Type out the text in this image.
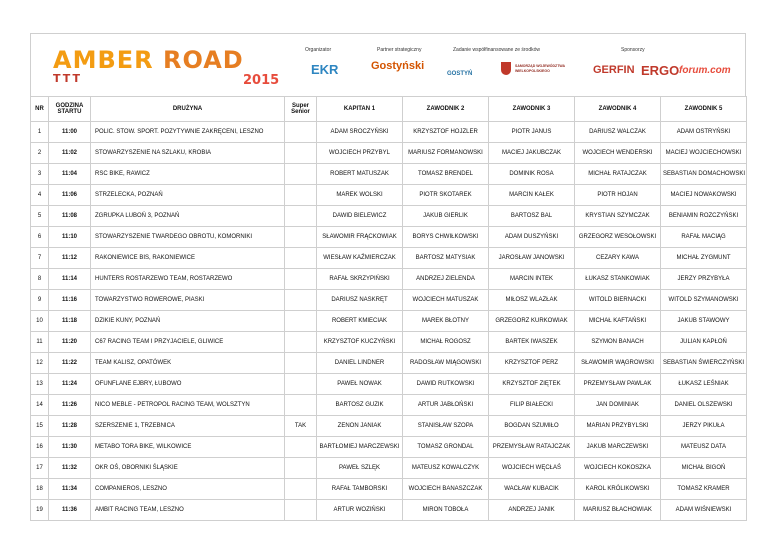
AMBER ROAD
TTT	2015
Organizator
EKR
Partner strategiczny
Gostyński
Zadanie współfinansowane ze środków
GOSTYŃ
SAMORZĄD WOJEWÓDZTWA WIELKOPOLSKIEGO
Sponsorzy
GERFIN ERGO forum.com
NR	GODZINA STARTU	DRUŻYNA	Super Senior	KAPITAN 1	ZAWODNIK 2	ZAWODNIK 3	ZAWODNIK 4	ZAWODNIK 5
1	11:00	POLIC. STOW. SPORT. POZYTYWNIE ZAKRĘCENI, LESZNO		ADAM SROCZYŃSKI	KRZYSZTOF HOJZLER	PIOTR JANUS	DARIUSZ WALCZAK	ADAM OSTRYŃSKI
2	11:02	STOWARZYSZENIE NA SZLAKU, KROBIA		WOJCIECH PRZYBYL	MARIUSZ FORMANOWSKI	MACIEJ JAKUBCZAK	WOJCIECH WENDERSKI	MACIEJ WOJCIECHOWSKI
3	11:04	RSC BIKE, RAWICZ		ROBERT MATUSZAK	TOMASZ BRENDEL	DOMINIK ROSA	MICHAŁ RATAJCZAK	SEBASTIAN DOMACHOWSKI
4	11:06	STRZELECKA, POZNAŃ		MAREK WOLSKI	PIOTR SKOTAREK	MARCIN KAŁEK	PIOTR HOJAN	MACIEJ NOWAKOWSKI
5	11:08	ZGRUPKA LUBOŃ 3, POZNAŃ		DAWID BIELEWICZ	JAKUB GIERLIK	BARTOSZ BAL	KRYSTIAN SZYMCZAK	BENIAMIN ROZCZYŃSKI
6	11:10	STOWARZYSZENIE TWARDEGO OBROTU, KOMORNIKI		SŁAWOMIR FRĄCKOWIAK	BORYS CHWIŁKOWSKI	ADAM DUSZYŃSKI	GRZEGORZ WESOŁOWSKI	RAFAŁ MACIĄG
7	11:12	RAKONIEWICE BIS, RAKONIEWICE		WIESŁAW KAŹMIERCZAK	BARTOSZ MATYSIAK	JAROSŁAW JANOWSKI	CEZARY KAWA	MICHAŁ ZYGMUNT
8	11:14	HUNTERS ROSTARZEWO TEAM, ROSTARZEWO		RAFAŁ SKRZYPIŃSKI	ANDRZEJ ZIELENDA	MARCIN INTEK	ŁUKASZ STANKOWIAK	JERZY PRZYBYŁA
9	11:16	TOWARZYSTWO ROWEROWE, PIASKI		DARIUSZ NASKRĘT	WOJCIECH MATUSZAK	MIŁOSZ WLAZŁAK	WITOLD BIERNACKI	WITOLD SZYMANOWSKI
10	11:18	DZIKIE KUNY, POZNAŃ		ROBERT KMIECIAK	MAREK BŁOTNY	GRZEGORZ KURKOWIAK	MICHAŁ KAFTAŃSKI	JAKUB STAWOWY
11	11:20	C67 RACING TEAM I PRZYJACIELE, GLIWICE		KRZYSZTOF KUCZYŃSKI	MICHAŁ ROGOSZ	BARTEK IWASZEK	SZYMON BANACH	JULIAN KAPŁOŃ
12	11:22	TEAM KALISZ, OPATÓWEK		DANIEL LINDNER	RADOSŁAW MIĄGOWSKI	KRZYSZTOF PERZ	SŁAWOMIR WĄGROWSKI	SEBASTIAN ŚWIERCZYŃSKI
13	11:24	OFUNFLANE EJBRY, ŁUBOWO		PAWEŁ NOWAK	DAWID RUTKOWSKI	KRZYSZTOF ZIĘTEK	PRZEMYSŁAW PAWLAK	ŁUKASZ LEŚNIAK
14	11:26	NICO MEBLE - PETROPOL RACING TEAM, WOLSZTYN		BARTOSZ GUZIK	ARTUR JABŁOŃSKI	FILIP BIAŁECKI	JAN DOMINIAK	DANIEL OLSZEWSKI
15	11:28	SZERSZENIE 1, TRZEBNICA	TAK	ZENON JANIAK	STANISŁAW SZOPA	BOGDAN SZUMIŁO	MARIAN PRZYBYLSKI	JERZY PIKUŁA
16	11:30	METABO TORA BIKE, WILKOWICE		BARTŁOMIEJ MARCZEWSKI	TOMASZ GRONDAL	PRZEMYSŁAW RATAJCZAK	JAKUB MARCZEWSKI	MATEUSZ DATA
17	11:32	OKR OŚ, OBORNIKI ŚLĄSKIE		PAWEŁ SZLĘK	MATEUSZ KOWALCZYK	WOJCIECH WĘCŁAŚ	WOJCIECH KOKOSZKA	MICHAŁ BIGOŃ
18	11:34	COMPANIEROS, LESZNO		RAFAŁ TAMBORSKI	WOJCIECH BANASZCZAK	WACŁAW KUBACIK	KAROL KRÓLIKOWSKI	TOMASZ KRAMER
19	11:36	AMBIT RACING TEAM, LESZNO		ARTUR WOZIŃSKI	MIRON TOBOŁA	ANDRZEJ JANIK	MARIUSZ BŁACHOWIAK	ADAM WIŚNIEWSKI
